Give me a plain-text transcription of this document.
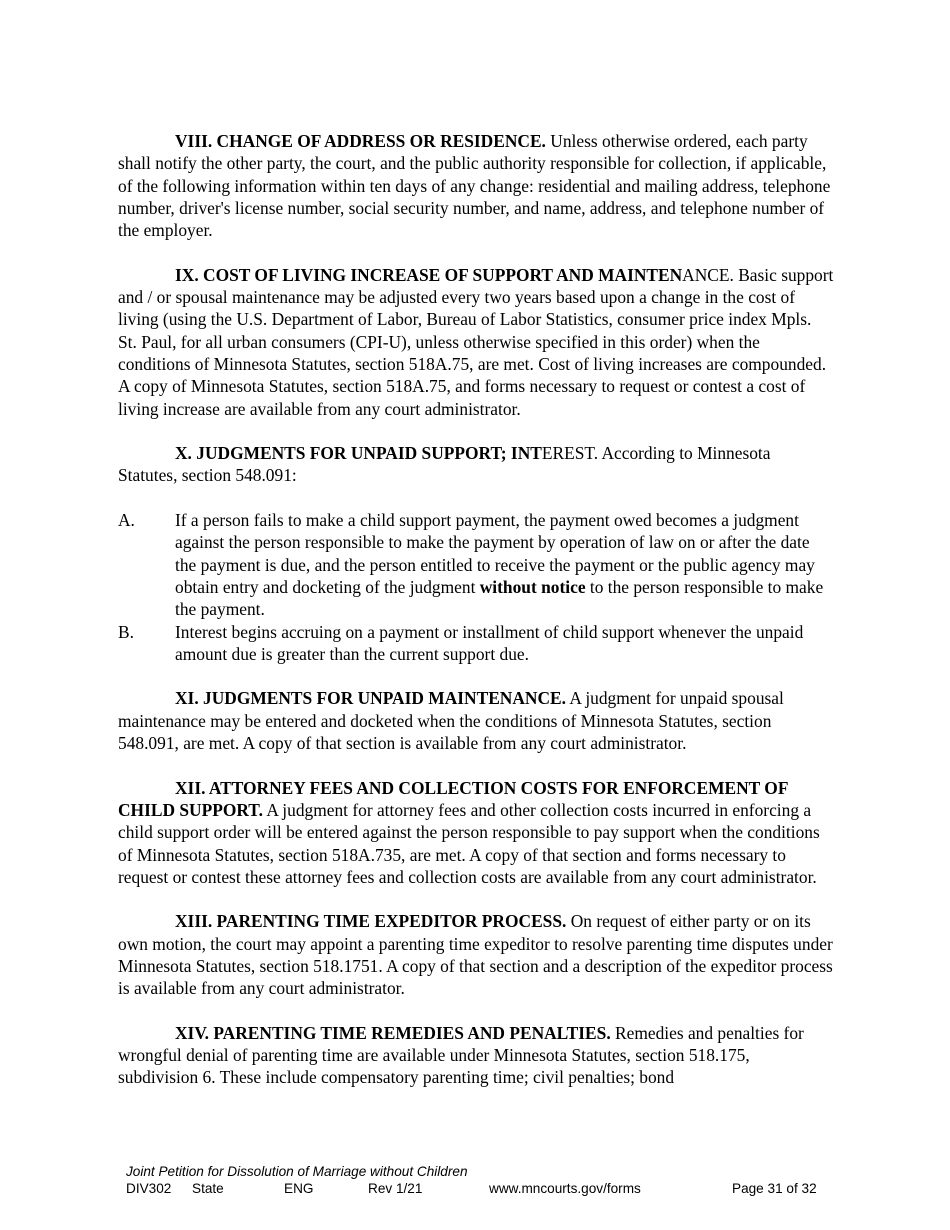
VIII. CHANGE OF ADDRESS OR RESIDENCE. Unless otherwise ordered, each party shall notify the other party, the court, and the public authority responsible for collection, if applicable, of the following information within ten days of any change: residential and mailing address, telephone number, driver's license number, social security number, and name, address, and telephone number of the employer.

IX. COST OF LIVING INCREASE OF SUPPORT AND MAINTENANCE. Basic support and / or spousal maintenance may be adjusted every two years based upon a change in the cost of living (using the U.S. Department of Labor, Bureau of Labor Statistics, consumer price index Mpls. St. Paul, for all urban consumers (CPI-U), unless otherwise specified in this order) when the conditions of Minnesota Statutes, section 518A.75, are met. Cost of living increases are compounded. A copy of Minnesota Statutes, section 518A.75, and forms necessary to request or contest a cost of living increase are available from any court administrator.

X. JUDGMENTS FOR UNPAID SUPPORT; INTEREST. According to Minnesota Statutes, section 548.091:

A.	If a person fails to make a child support payment, the payment owed becomes a judgment against the person responsible to make the payment by operation of law on or after the date the payment is due, and the person entitled to receive the payment or the public agency may obtain entry and docketing of the judgment without notice to the person responsible to make the payment.
B.	Interest begins accruing on a payment or installment of child support whenever the unpaid amount due is greater than the current support due.

XI. JUDGMENTS FOR UNPAID MAINTENANCE. A judgment for unpaid spousal maintenance may be entered and docketed when the conditions of Minnesota Statutes, section 548.091, are met. A copy of that section is available from any court administrator.

XII. ATTORNEY FEES AND COLLECTION COSTS FOR ENFORCEMENT OF CHILD SUPPORT. A judgment for attorney fees and other collection costs incurred in enforcing a child support order will be entered against the person responsible to pay support when the conditions of Minnesota Statutes, section 518A.735, are met. A copy of that section and forms necessary to request or contest these attorney fees and collection costs are available from any court administrator.

XIII. PARENTING TIME EXPEDITOR PROCESS. On request of either party or on its own motion, the court may appoint a parenting time expeditor to resolve parenting time disputes under Minnesota Statutes, section 518.1751. A copy of that section and a description of the expeditor process is available from any court administrator.

XIV. PARENTING TIME REMEDIES AND PENALTIES. Remedies and penalties for wrongful denial of parenting time are available under Minnesota Statutes, section 518.175, subdivision 6. These include compensatory parenting time; civil penalties; bond

Joint Petition for Dissolution of Marriage without Children
DIV302 State	ENG	Rev 1/21	www.mncourts.gov/forms	Page 31 of 32
